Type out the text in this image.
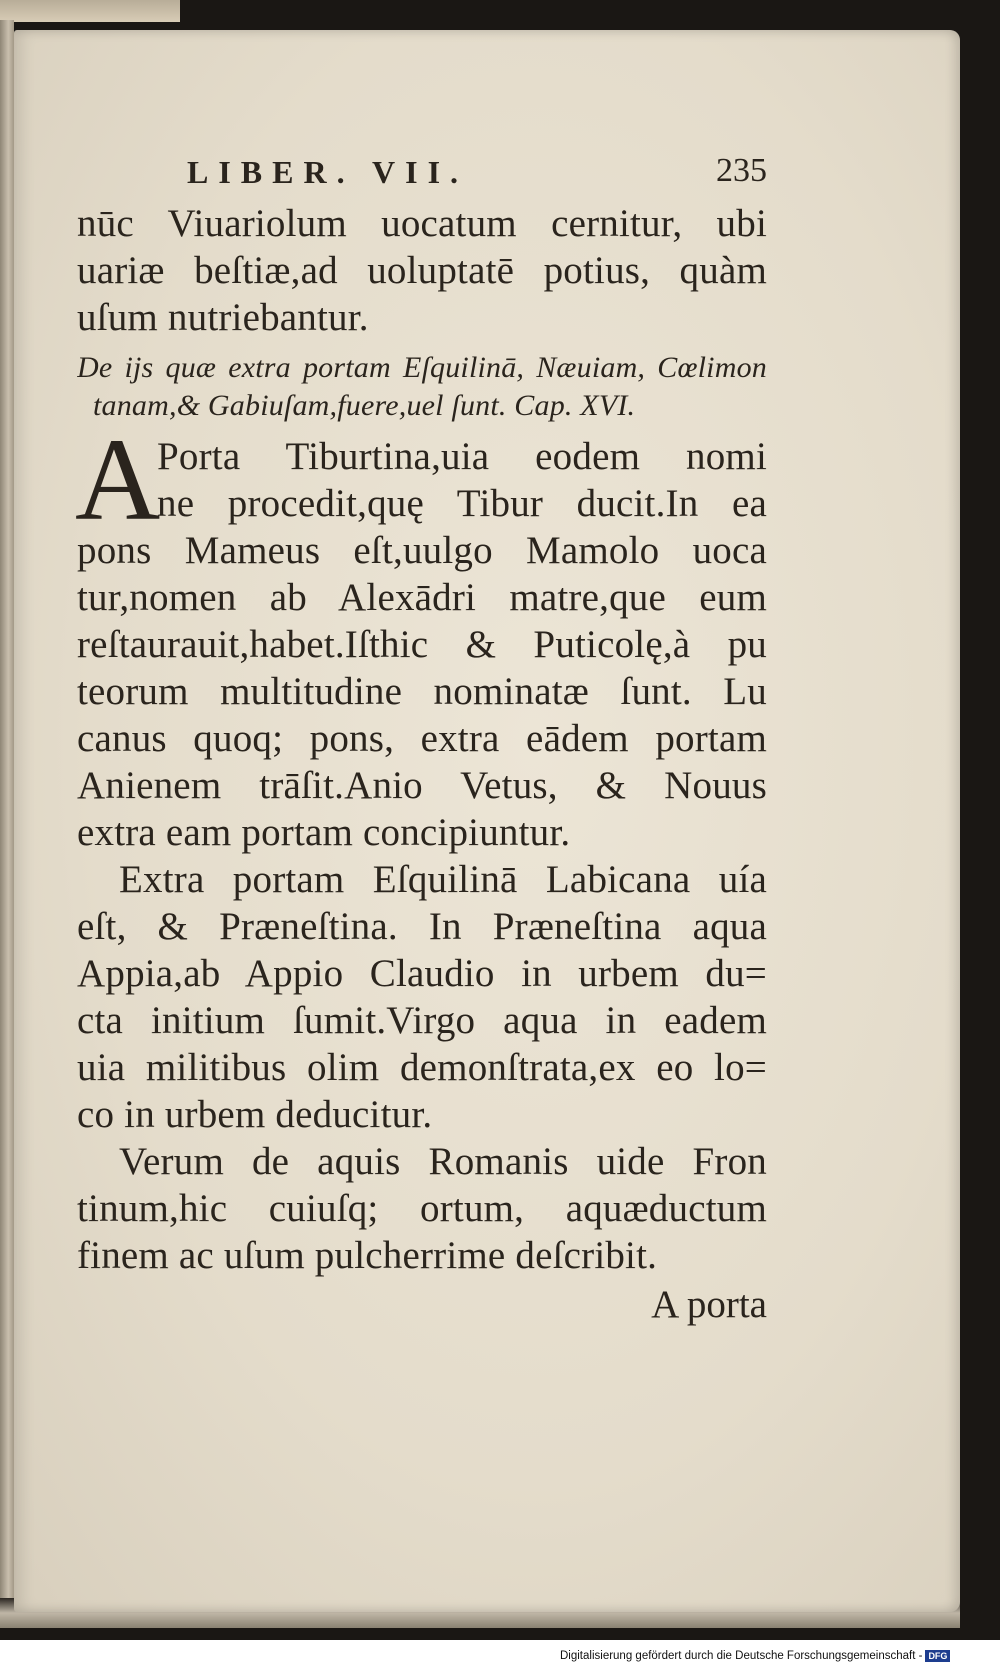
LIBER. VII.	235
nūc Viuariolum uocatum cernitur, ubi
uariæ beſtiæ,ad uoluptatē potius, quàm
uſum nutriebantur.
De ijs quæ extra portam Eſquilinā, Næuiam, Cœlimon
tanam,& Gabiuſam,fuere,uel ſunt. Cap. XVI.
A
Porta Tiburtina,uia eodem nomi
ne procedit,quę Tibur ducit.In ea
pons Mameus eſt,uulgo Mamolo uoca
tur,nomen ab Alexādri matre,que eum
reſtaurauit,habet.Iſthic & Puticolę,à pu
teorum multitudine nominatæ ſunt. Lu
canus quoq; pons, extra eādem portam
Anienem trāſit.Anio Vetus, & Nouus
extra eam portam concipiuntur.
Extra portam Eſquilinā Labicana uía
eſt, & Præneſtina. In Præneſtina aqua
Appia,ab Appio Claudio in urbem du=
cta initium ſumit.Virgo aqua in eadem
uia militibus olim demonſtrata,ex eo lo=
co in urbem deducitur.
Verum de aquis Romanis uide Fron
tinum,hic cuiuſq; ortum, aquæductum
finem ac uſum pulcherrime deſcribit.
A porta
Digitalisierung gefördert durch die Deutsche Forschungsgemeinschaft - DFG
